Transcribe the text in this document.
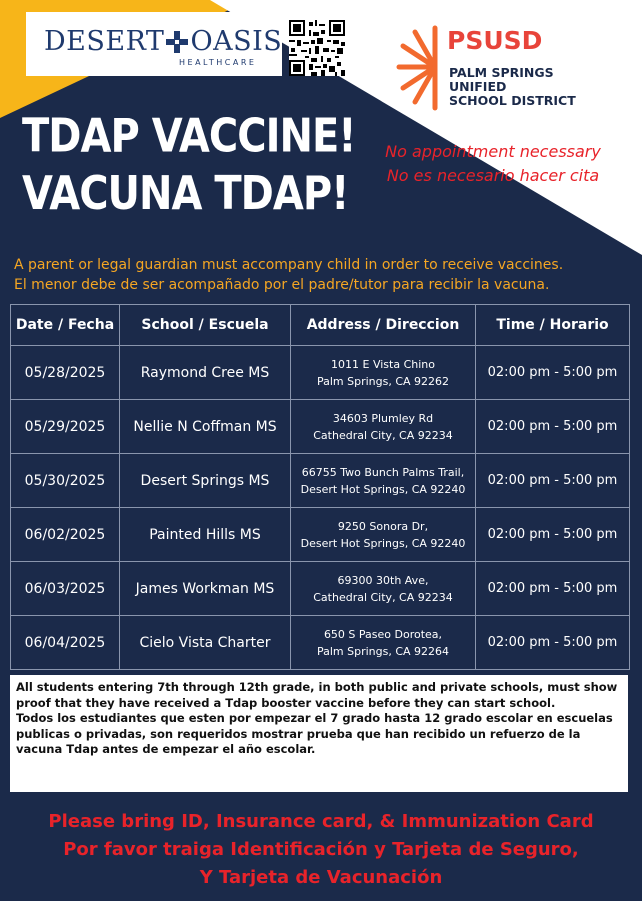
DESERT OASIS
HEALTHCARE
PSUSD
PALM SPRINGS
UNIFIED
SCHOOL DISTRICT
TDAP VACCINE!
VACUNA TDAP!
No appointment necessary
No es necesario hacer cita
A parent or legal guardian must accompany child in order to receive vaccines.
El menor debe de ser acompañado por el padre/tutor para recibir la vacuna.
Date / Fecha	School / Escuela	Address / Direccion	Time / Horario
05/28/2025	Raymond Cree MS	1011 E Vista Chino
Palm Springs, CA 92262	02:00 pm - 5:00 pm
05/29/2025	Nellie N Coffman MS	34603 Plumley Rd
Cathedral City, CA 92234	02:00 pm - 5:00 pm
05/30/2025	Desert Springs MS	66755 Two Bunch Palms Trail,
Desert Hot Springs, CA 92240	02:00 pm - 5:00 pm
06/02/2025	Painted Hills MS	9250 Sonora Dr,
Desert Hot Springs, CA 92240	02:00 pm - 5:00 pm
06/03/2025	James Workman MS	69300 30th Ave,
Cathedral City, CA 92234	02:00 pm - 5:00 pm
06/04/2025	Cielo Vista Charter	650 S Paseo Dorotea,
Palm Springs, CA 92264	02:00 pm - 5:00 pm
All students entering 7th through 12th grade, in both public and private schools, must show proof that they have received a Tdap booster vaccine before they can start school.
Todos los estudiantes que esten por empezar el 7 grado hasta 12 grado escolar en escuelas publicas o privadas, son requeridos mostrar prueba que han recibido un refuerzo de la vacuna Tdap antes de empezar el año escolar.
Please bring ID, Insurance card, & Immunization Card
Por favor traiga Identificación y Tarjeta de Seguro,
Y Tarjeta de Vacunación
